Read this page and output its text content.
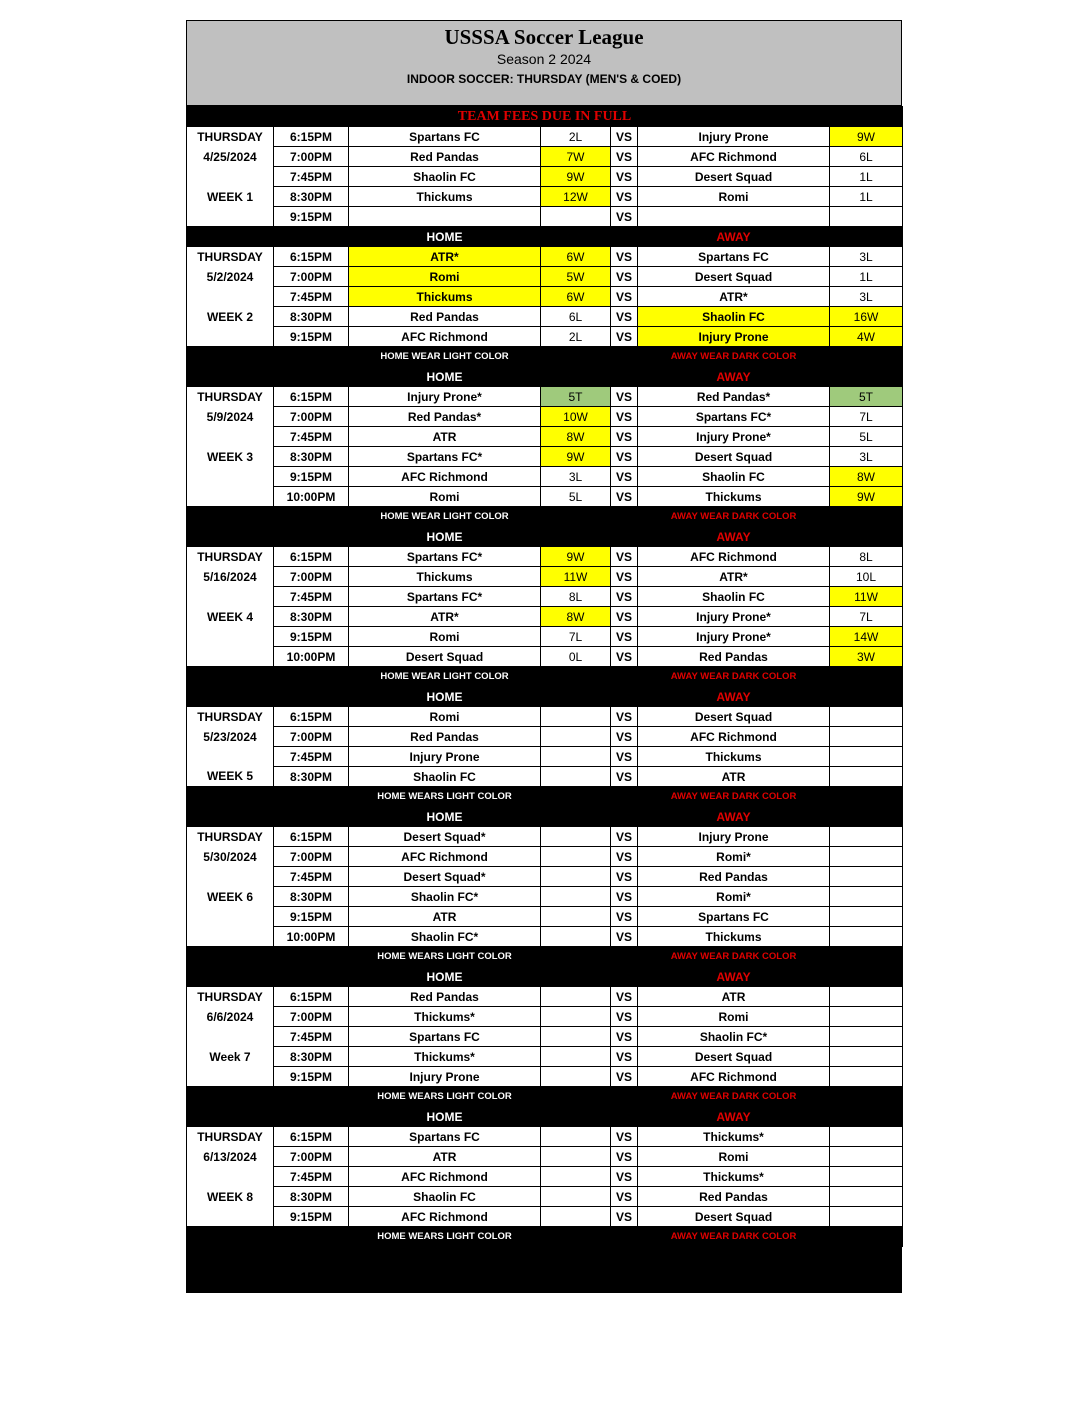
USSSA Soccer League
Season 2 2024
INDOOR SOCCER: THURSDAY (MEN'S & COED)
TEAM FEES DUE IN FULL						
THURSDAY	6:15PM	Spartans FC	2L	VS	Injury Prone	9W
4/25/2024	7:00PM	Red Pandas	7W	VS	AFC Richmond	6L
	7:45PM	Shaolin FC	9W	VS	Desert Squad	1L
WEEK 1	8:30PM	Thickums	12W	VS	Romi	1L
	9:15PM			VS		
		HOME			AWAY	
THURSDAY	6:15PM	ATR*	6W	VS	Spartans FC	3L
5/2/2024	7:00PM	Romi	5W	VS	Desert Squad	1L
	7:45PM	Thickums	6W	VS	ATR*	3L
WEEK 2	8:30PM	Red Pandas	6L	VS	Shaolin FC	16W
	9:15PM	AFC Richmond	2L	VS	Injury Prone	4W
		HOME WEAR LIGHT COLOR			AWAY WEAR DARK COLOR	
		HOME			AWAY	
THURSDAY	6:15PM	Injury Prone*	5T	VS	Red Pandas*	5T
5/9/2024	7:00PM	Red Pandas*	10W	VS	Spartans FC*	7L
	7:45PM	ATR	8W	VS	Injury Prone*	5L
WEEK 3	8:30PM	Spartans FC*	9W	VS	Desert Squad	3L
	9:15PM	AFC Richmond	3L	VS	Shaolin FC	8W
	10:00PM	Romi	5L	VS	Thickums	9W
		HOME WEAR LIGHT COLOR			AWAY WEAR DARK COLOR	
		HOME			AWAY	
THURSDAY	6:15PM	Spartans FC*	9W	VS	AFC Richmond	8L
5/16/2024	7:00PM	Thickums	11W	VS	ATR*	10L
	7:45PM	Spartans FC*	8L	VS	Shaolin FC	11W
WEEK 4	8:30PM	ATR*	8W	VS	Injury Prone*	7L
	9:15PM	Romi	7L	VS	Injury Prone*	14W
	10:00PM	Desert Squad	0L	VS	Red Pandas	3W
		HOME WEAR LIGHT COLOR			AWAY WEAR DARK COLOR	
		HOME			AWAY	
THURSDAY	6:15PM	Romi		VS	Desert Squad	
5/23/2024	7:00PM	Red Pandas		VS	AFC Richmond	
	7:45PM	Injury Prone		VS	Thickums	
WEEK 5	8:30PM	Shaolin FC		VS	ATR	
		HOME WEARS LIGHT COLOR			AWAY WEAR DARK COLOR	
		HOME			AWAY	
THURSDAY	6:15PM	Desert Squad*		VS	Injury Prone	
5/30/2024	7:00PM	AFC Richmond		VS	Romi*	
	7:45PM	Desert Squad*		VS	Red Pandas	
WEEK 6	8:30PM	Shaolin FC*		VS	Romi*	
	9:15PM	ATR		VS	Spartans FC	
	10:00PM	Shaolin FC*		VS	Thickums	
		HOME WEARS LIGHT COLOR			AWAY WEAR DARK COLOR	
		HOME			AWAY	
THURSDAY	6:15PM	Red Pandas		VS	ATR	
6/6/2024	7:00PM	Thickums*		VS	Romi	
	7:45PM	Spartans FC		VS	Shaolin FC*	
Week 7	8:30PM	Thickums*		VS	Desert Squad	
	9:15PM	Injury Prone		VS	AFC Richmond	
		HOME WEARS LIGHT COLOR			AWAY WEAR DARK COLOR	
		HOME			AWAY	
THURSDAY	6:15PM	Spartans FC		VS	Thickums*	
6/13/2024	7:00PM	ATR		VS	Romi	
	7:45PM	AFC Richmond		VS	Thickums*	
WEEK 8	8:30PM	Shaolin FC		VS	Red Pandas	
	9:15PM	AFC Richmond		VS	Desert Squad	
		HOME WEARS LIGHT COLOR			AWAY WEAR DARK COLOR	
